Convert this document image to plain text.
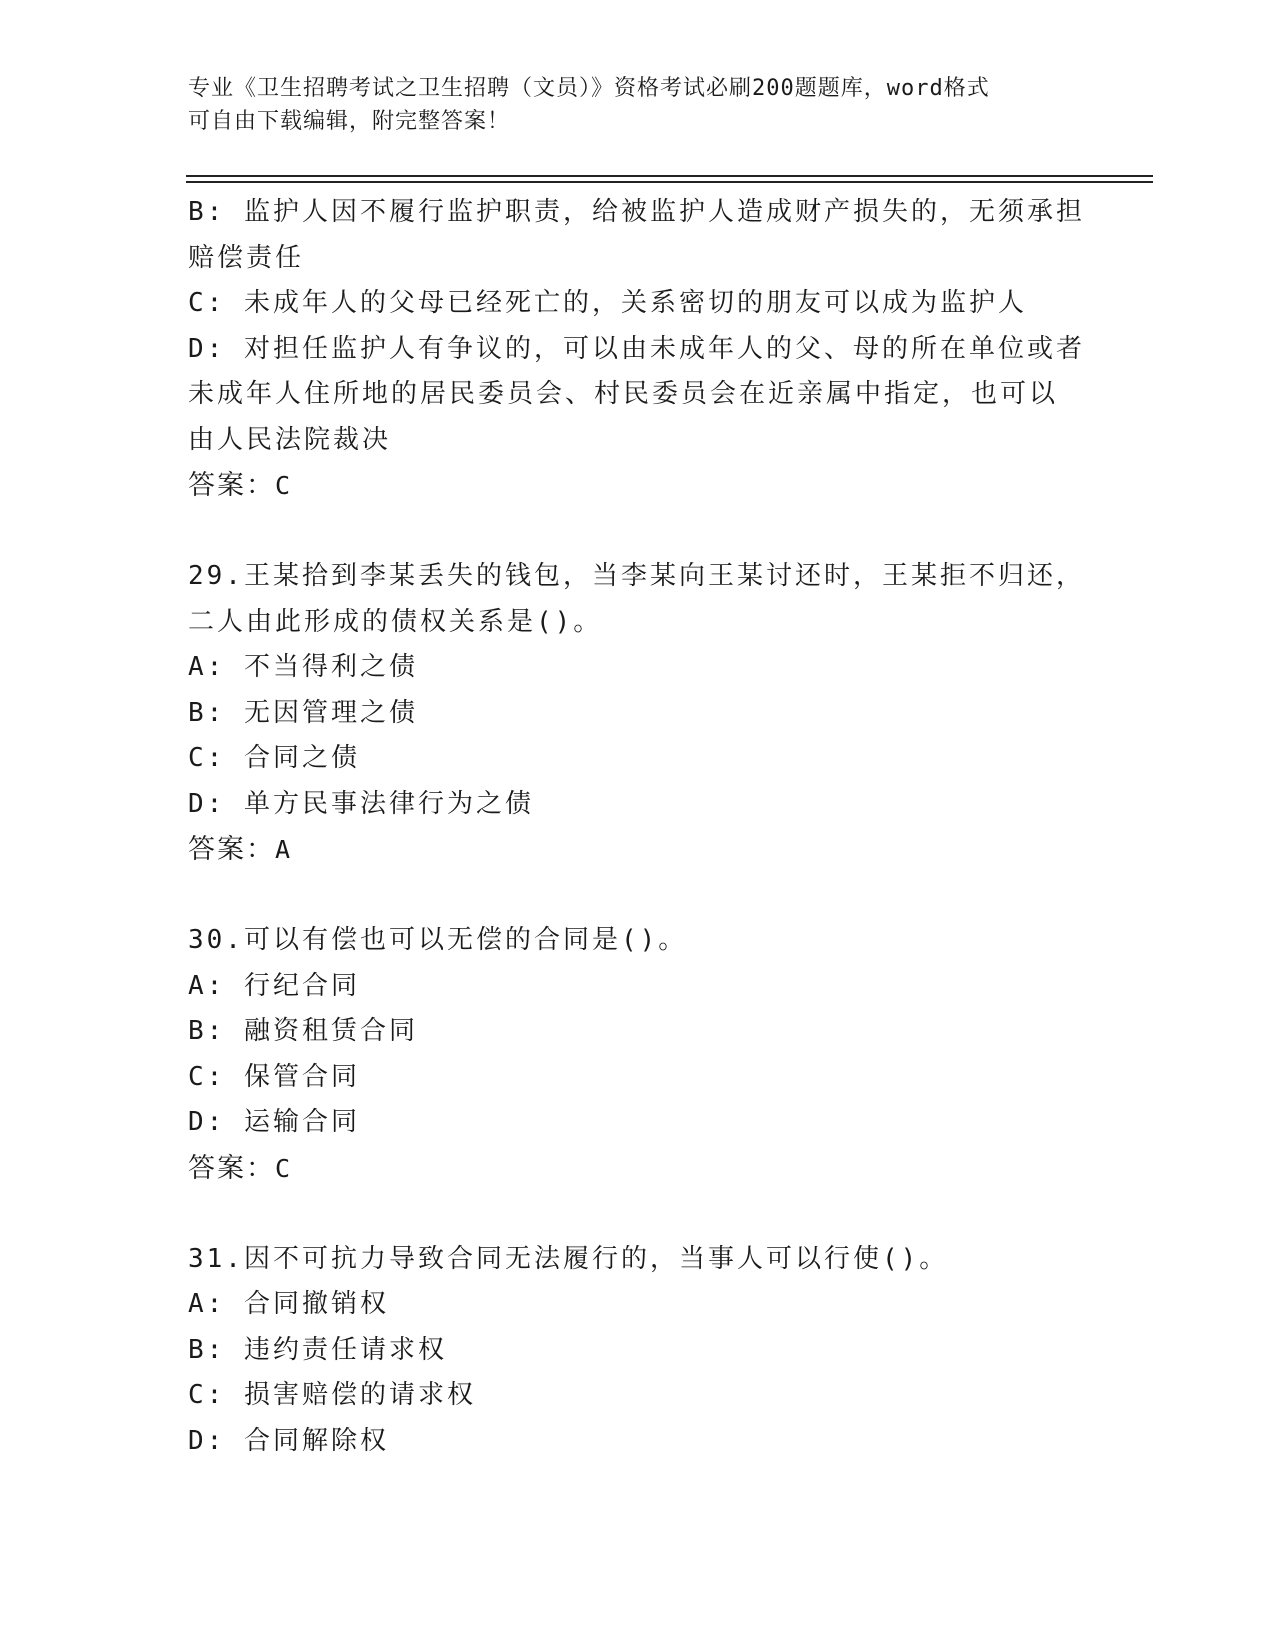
专业《卫生招聘考试之卫生招聘（文员）》资格考试必刷200题题库，word格式
可自由下载编辑，附完整答案！
B: 监护人因不履行监护职责，给被监护人造成财产损失的，无须承担
赔偿责任
C: 未成年人的父母已经死亡的，关系密切的朋友可以成为监护人
D: 对担任监护人有争议的，可以由未成年人的父、母的所在单位或者
未成年人住所地的居民委员会、村民委员会在近亲属中指定，也可以
由人民法院裁决
答案：C
29.王某拾到李某丢失的钱包，当李某向王某讨还时，王某拒不归还，
二人由此形成的债权关系是()。
A: 不当得利之债
B: 无因管理之债
C: 合同之债
D: 单方民事法律行为之债
答案：A
30.可以有偿也可以无偿的合同是()。
A: 行纪合同
B: 融资租赁合同
C: 保管合同
D: 运输合同
答案：C
31.因不可抗力导致合同无法履行的，当事人可以行使()。
A: 合同撤销权
B: 违约责任请求权
C: 损害赔偿的请求权
D: 合同解除权
